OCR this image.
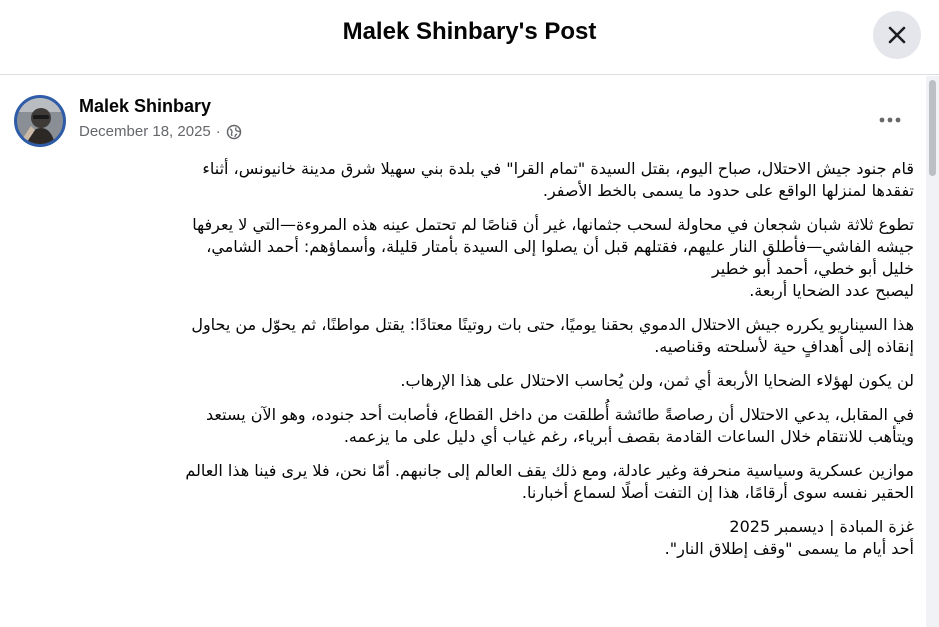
Malek Shinbary's Post
Malek Shinbary
December 18, 2025 ·

قام جنود جيش الاحتلال، صباح اليوم، بقتل السيدة "تمام القرا" في بلدة بني سهيلا شرق مدينة خانيونس، أثناء
تفقدها لمنزلها الواقع على حدود ما يسمى بالخط الأصفر.

تطوع ثلاثة شبان شجعان في محاولة لسحب جثمانها، غير أن قناصًا لم تحتمل عينه هذه المروءة—التي لا يعرفها
جيشه الفاشي—فأطلق النار عليهم، فقتلهم قبل أن يصلوا إلى السيدة بأمتار قليلة، وأسماؤهم: أحمد الشامي،
خليل أبو خطي، أحمد أبو خطير
ليصبح عدد الضحايا أربعة.

هذا السيناريو يكرره جيش الاحتلال الدموي بحقنا يوميًا، حتى بات روتينًا معتادًا: يقتل مواطنًا، ثم يحوّل من يحاول
إنقاذه إلى أهدافٍ حية لأسلحته وقناصيه.

لن يكون لهؤلاء الضحايا الأربعة أي ثمن، ولن يُحاسب الاحتلال على هذا الإرهاب.

في المقابل، يدعي الاحتلال أن رصاصةً طائشة أُطلقت من داخل القطاع، فأصابت أحد جنوده، وهو الآن يستعد
ويتأهب للانتقام خلال الساعات القادمة بقصف أبرياء، رغم غياب أي دليل على ما يزعمه.

موازين عسكرية وسياسية منحرفة وغير عادلة، ومع ذلك يقف العالم إلى جانبهم. أمّا نحن، فلا يرى فينا هذا العالم
الحقير نفسه سوى أرقامًا، هذا إن التفت أصلًا لسماع أخبارنا.

غزة المبادة | ديسمبر 2025
أحد أيام ما يسمى "وقف إطلاق النار".
